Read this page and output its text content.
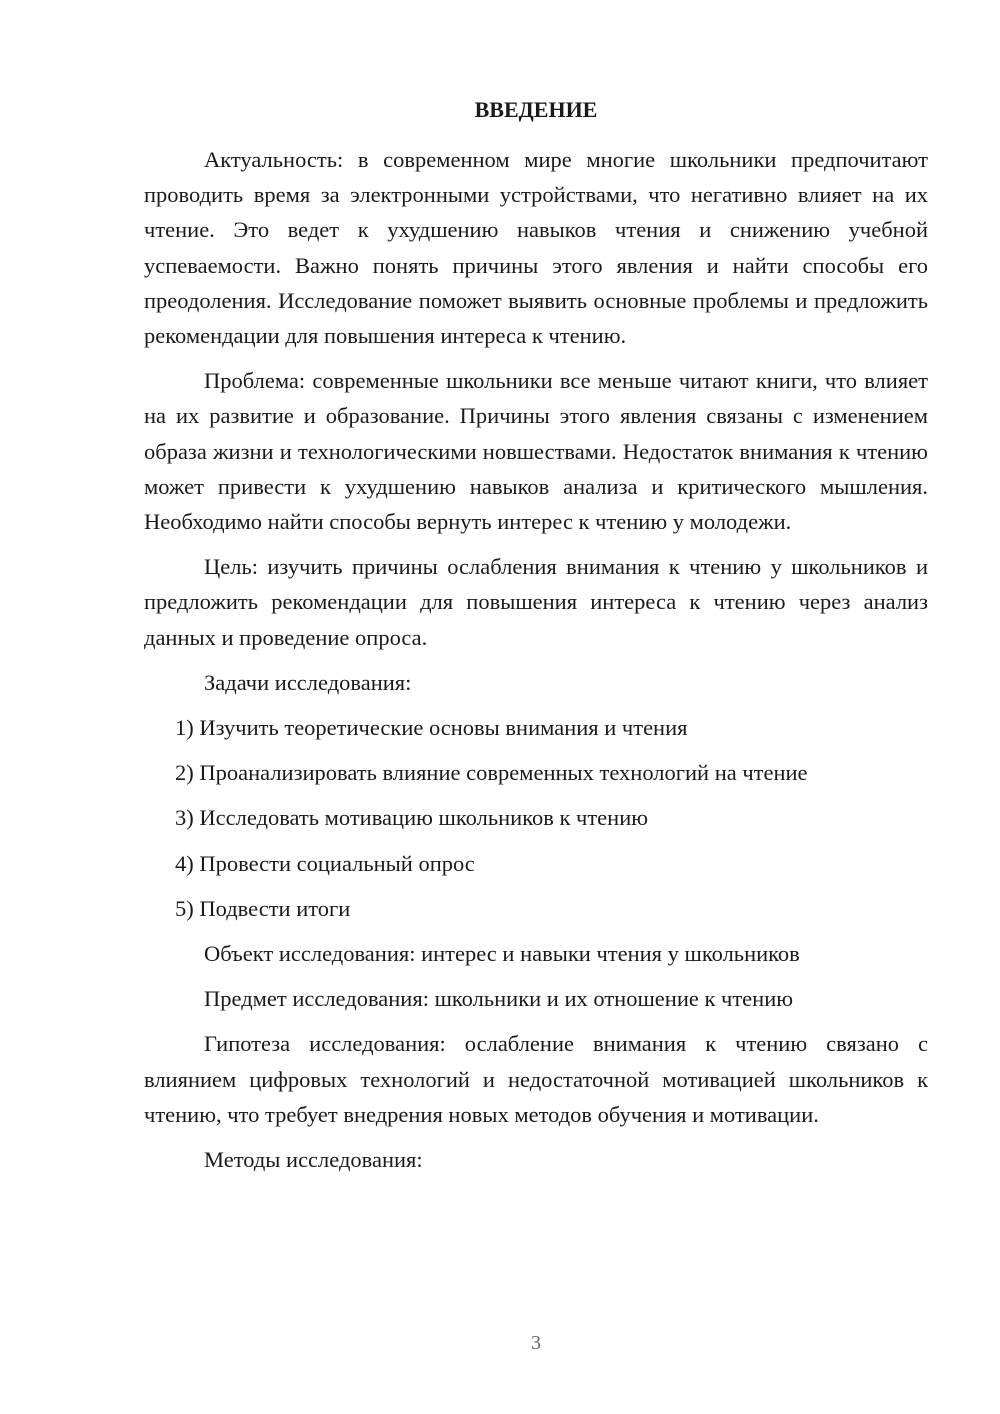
ВВЕДЕНИЕ

Актуальность: в современном мире многие школьники предпочитают проводить время за электронными устройствами, что негативно влияет на их чтение. Это ведет к ухудшению навыков чтения и снижению учебной успеваемости. Важно понять причины этого явления и найти способы его преодоления. Исследование поможет выявить основные проблемы и предложить рекомендации для повышения интереса к чтению.

Проблема: современные школьники все меньше читают книги, что влияет на их развитие и образование. Причины этого явления связаны с изменением образа жизни и технологическими новшествами. Недостаток внимания к чтению может привести к ухудшению навыков анализа и критического мышления. Необходимо найти способы вернуть интерес к чтению у молодежи.

Цель: изучить причины ослабления внимания к чтению у школьников и предложить рекомендации для повышения интереса к чтению через анализ данных и проведение опроса.

Задачи исследования:

1) Изучить теоретические основы внимания и чтения
2) Проанализировать влияние современных технологий на чтение
3) Исследовать мотивацию школьников к чтению
4) Провести социальный опрос
5) Подвести итоги

Объект исследования: интерес и навыки чтения у школьников

Предмет исследования: школьники и их отношение к чтению

Гипотеза исследования: ослабление внимания к чтению связано с влиянием цифровых технологий и недостаточной мотивацией школьников к чтению, что требует внедрения новых методов обучения и мотивации.

Методы исследования:

3
